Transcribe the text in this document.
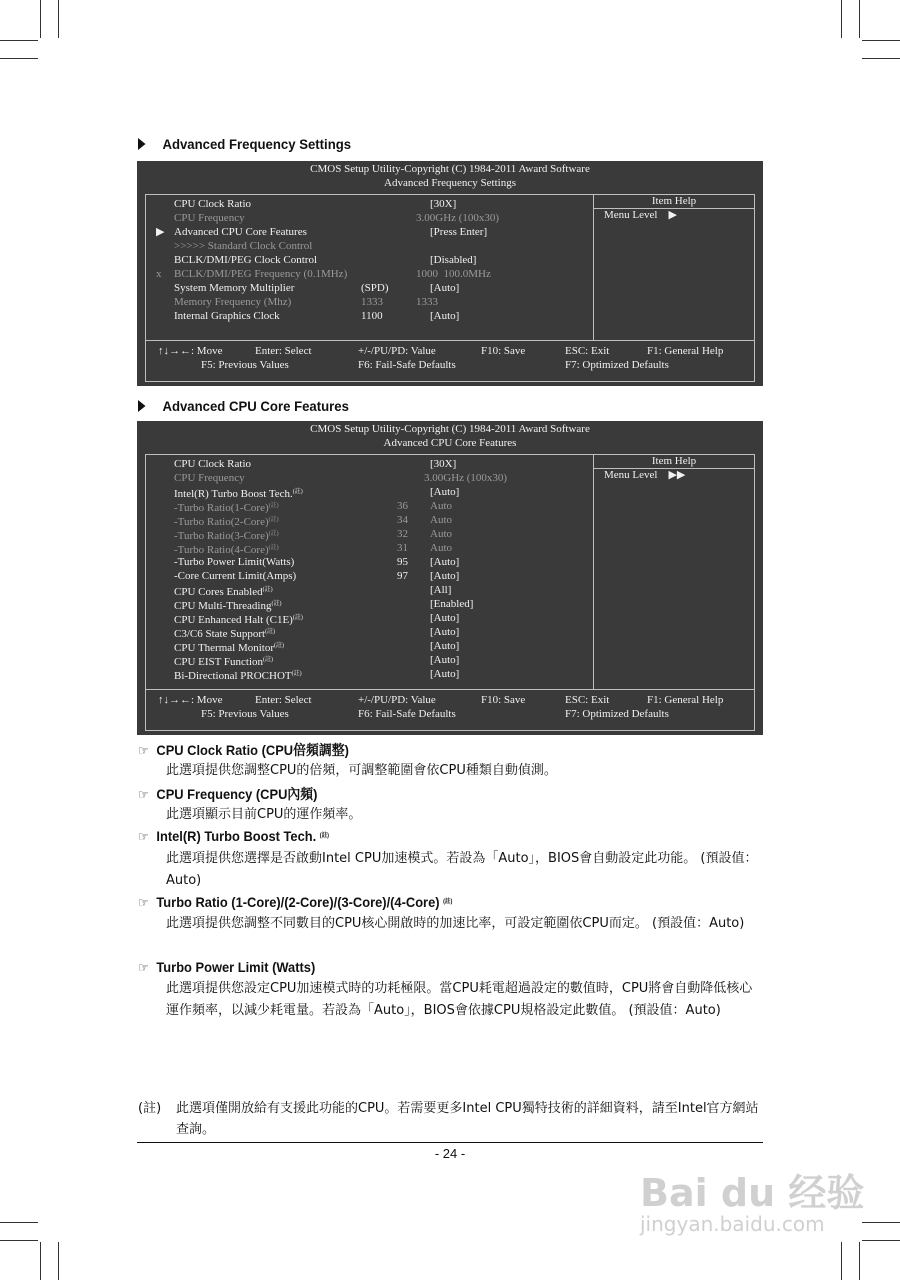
Advanced Frequency Settings
CMOS Setup Utility-Copyright (C) 1984-2011 Award Software
Advanced Frequency Settings
Item Help
Menu Level ▶
CPU Clock Ratio	[30X]
CPU Frequency	3.00GHz (100x30)
▶ Advanced CPU Core Features	[Press Enter]
>>>>> Standard Clock Control
BCLK/DMI/PEG Clock Control	[Disabled]
x BCLK/DMI/PEG Frequency (0.1MHz)	1000  100.0MHz
System Memory Multiplier	(SPD)	[Auto]
Memory Frequency (Mhz)	1333	1333
Internal Graphics Clock	1100	[Auto]
↑↓→←: Move	Enter: Select	+/-/PU/PD: Value	F10: Save	ESC: Exit	F1: General Help
F5: Previous Values	F6: Fail-Safe Defaults	F7: Optimized Defaults
Advanced CPU Core Features
CMOS Setup Utility-Copyright (C) 1984-2011 Award Software
Advanced CPU Core Features
Item Help
Menu Level ▶▶
CPU Clock Ratio	[30X]
CPU Frequency	3.00GHz (100x30)
Intel(R) Turbo Boost Tech.$^{(註)}$	[Auto]
-Turbo Ratio(1-Core)$^{(註)}$	36 Auto
-Turbo Ratio(2-Core)$^{(註)}$	34 Auto
-Turbo Ratio(3-Core)$^{(註)}$	32 Auto
-Turbo Ratio(4-Core)$^{(註)}$	31 Auto
-Turbo Power Limit(Watts)	95 [Auto]
-Core Current Limit(Amps)	97 [Auto]
CPU Cores Enabled$^{(註)}$	[All]
CPU Multi-Threading$^{(註)}$	[Enabled]
CPU Enhanced Halt $(C1E)^{(註)}$	[Auto]
C3/C6 State Support$^{(註)}$	[Auto]
CPU Thermal Monitor$^{(註)}$	[Auto]
CPU EIST Function$^{(註)}$	[Auto]
Bi-Directional $PROCHOT^{(註)}$	[Auto]
↑↓→←: Move	Enter: Select	+/-/PU/PD: Value	F10: Save	ESC: Exit	F1: General Help
F5: Previous Values	F6: Fail-Safe Defaults	F7: Optimized Defaults
☞ CPU Clock Ratio (CPU倍頻調整)
此選項提供您調整CPU的倍頻，可調整範圍會依CPU種類自動偵測。
☞ CPU Frequency (CPU內頻)
此選項顯示目前CPU的運作頻率。
☞ Intel(R) Turbo Boost Tech. $^{(註)}$
此選項提供您選擇是否啟動Intel CPU加速模式。若設為「Auto」，BIOS會自動設定此功能。 (預設值：Auto)
☞ Turbo Ratio (1-Core)/(2-Core)/(3-Core)/(4-Core) $^{(註)}$
此選項提供您調整不同數目的CPU核心開啟時的加速比率，可設定範圍依CPU而定。 (預設值：Auto)
☞ Turbo Power Limit (Watts)
此選項提供您設定CPU加速模式時的功耗極限。當CPU耗電超過設定的數值時，CPU將會自動降低核心運作頻率，以減少耗電量。若設為「Auto」，BIOS會依據CPU規格設定此數值。 (預設值：Auto)
(註) 此選項僅開放給有支援此功能的CPU。若需要更多Intel CPU獨特技術的詳細資料，請至Intel官方網站查詢。
- 24 -
Bai du 经验
jingyan.baidu.com
